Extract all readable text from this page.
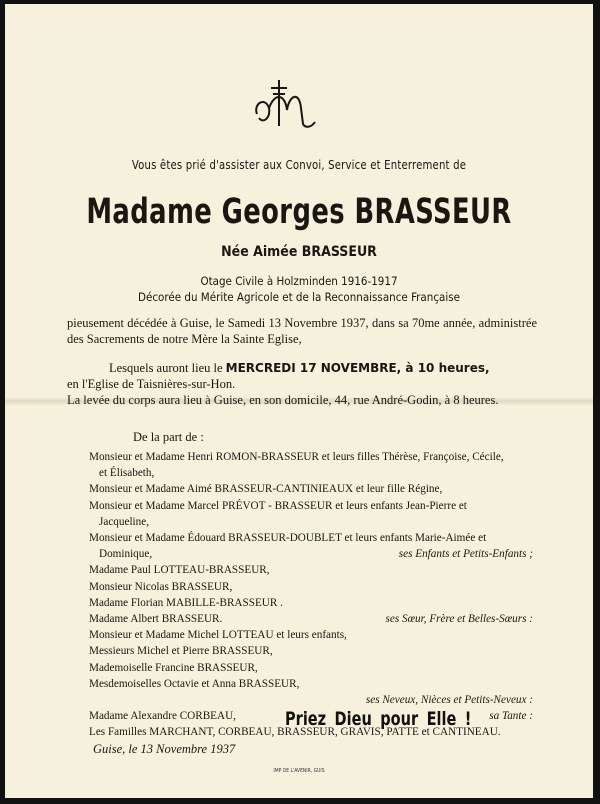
Vous êtes prié d'assister aux Convoi, Service et Enterrement de
Madame Georges BRASSEUR
Née Aimée BRASSEUR
Otage Civile à Holzminden 1916-1917
Décorée du Mérite Agricole et de la Reconnaissance Française
pieusement décédée à Guise, le Samedi 13 Novembre 1937, dans sa 70me année, administrée des Sacrements de notre Mère la Sainte Eglise,
Lesquels auront lieu le MERCREDI 17 NOVEMBRE, à 10 heures,
en l'Eglise de Taisnières-sur-Hon.
La levée du corps aura lieu à Guise, en son domicile, 44, rue André-Godin, à 8 heures.
De la part de :
Monsieur et Madame Henri ROMON-BRASSEUR et leurs filles Thérèse, Françoise, Cécile,
et Élisabeth,
Monsieur et Madame Aimé BRASSEUR-CANTINIEAUX et leur fille Régine,
Monsieur et Madame Marcel PRÉVOT - BRASSEUR et leurs enfants Jean-Pierre et
Jacqueline,
Monsieur et Madame Édouard BRASSEUR-DOUBLET et leurs enfants Marie-Aimée et
Dominique,	ses Enfants et Petits-Enfants ;
Madame Paul LOTTEAU-BRASSEUR,
Monsieur Nicolas BRASSEUR,
Madame Florian MABILLE-BRASSEUR .
Madame Albert BRASSEUR.	ses Sœur, Frère et Belles-Sœurs :
Monsieur et Madame Michel LOTTEAU et leurs enfants,
Messieurs Michel et Pierre BRASSEUR,
Mademoiselle Francine BRASSEUR,
Mesdemoiselles Octavie et Anna BRASSEUR,
ses Neveux, Nièces et Petits-Neveux :
Madame Alexandre CORBEAU,	sa Tante :
Les Familles MARCHANT, CORBEAU, BRASSEUR, GRAVIS, PATTE et CANTINEAU.
Priez Dieu pour Elle !
Guise, le 13 Novembre 1937
IMP DE L'AVENIR, GUIS
